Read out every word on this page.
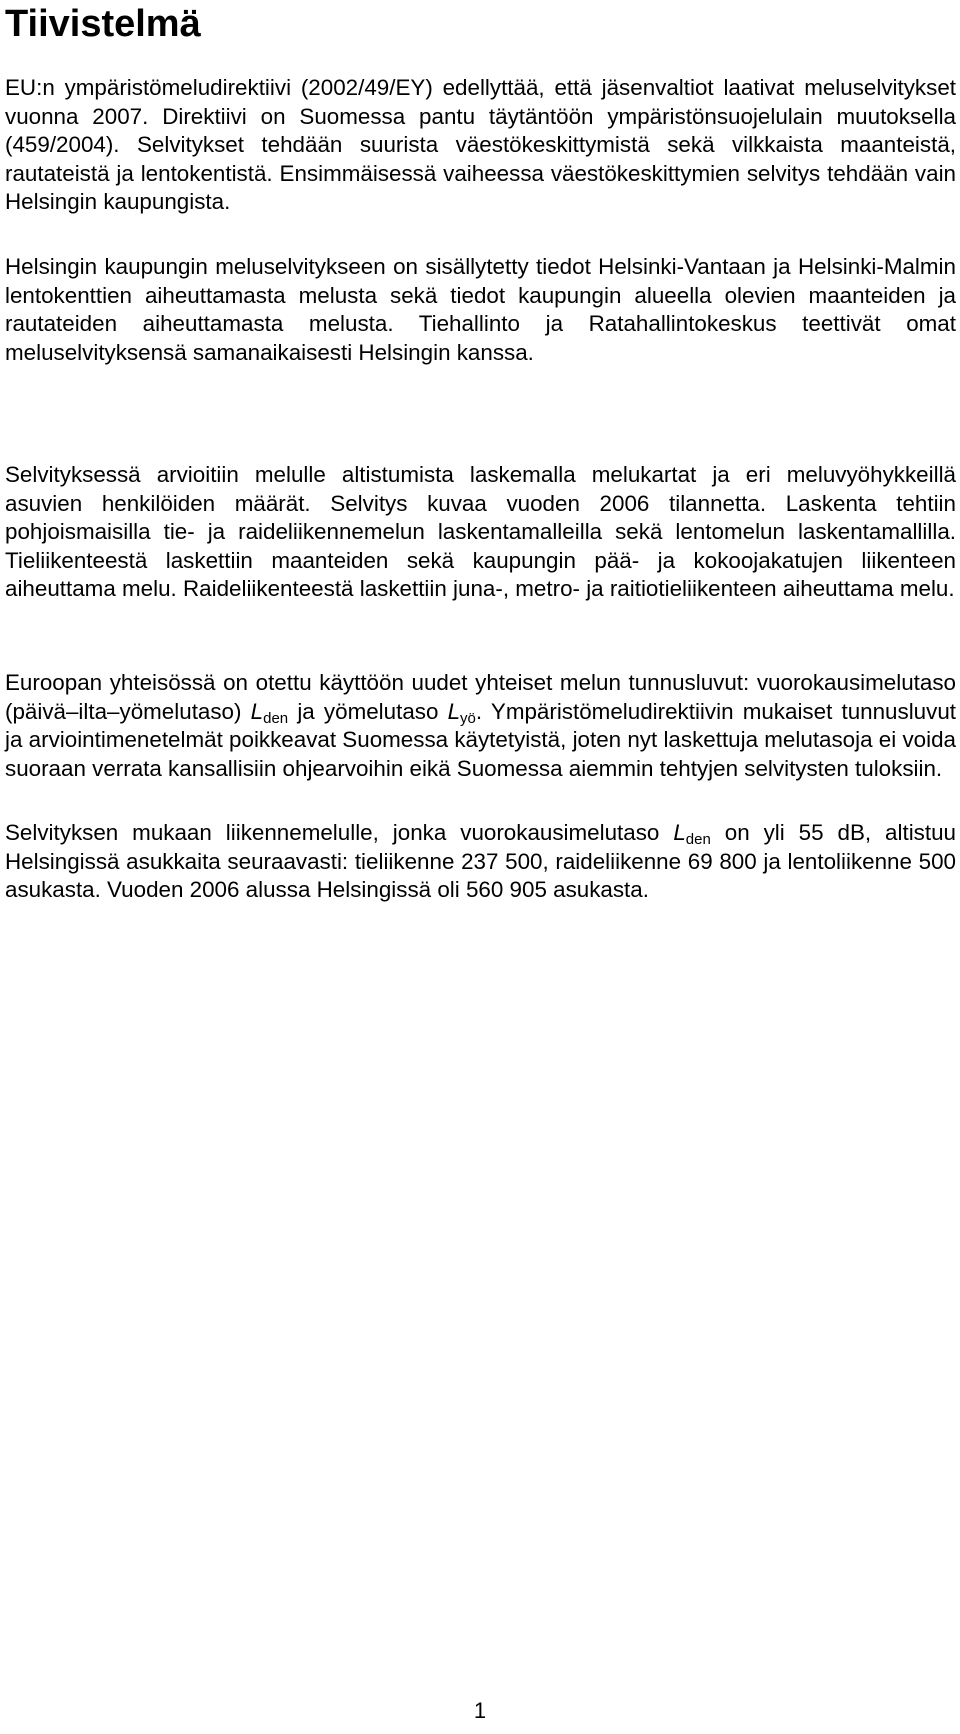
Tiivistelmä

EU:n ympäristömeludirektiivi (2002/49/EY) edellyttää, että jäsenvaltiot laativat meluselvitykset vuonna 2007. Direktiivi on Suomessa pantu täytäntöön ympäristönsuojelulain muutoksella (459/2004). Selvitykset tehdään suurista väestökeskittymistä sekä vilkkaista maanteistä, rautateistä ja lentokentistä. Ensimmäisessä vaiheessa väestökeskittymien selvitys tehdään vain Helsingin kaupungista.

Helsingin kaupungin meluselvitykseen on sisällytetty tiedot Helsinki-Vantaan ja Helsinki-Malmin lentokenttien aiheuttamasta melusta sekä tiedot kaupungin alueella olevien maanteiden ja rautateiden aiheuttamasta melusta. Tiehallinto ja Ratahallintokeskus teettivät omat meluselvityksensä samanaikaisesti Helsingin kanssa.

Selvityksessä arvioitiin melulle altistumista laskemalla melukartat ja eri meluvyöhykkeillä asuvien henkilöiden määrät. Selvitys kuvaa vuoden 2006 tilannetta. Laskenta tehtiin pohjoismaisilla tie- ja raideliikennemelun laskentamalleilla sekä lentomelun laskentamallilla. Tieliikenteestä laskettiin maanteiden sekä kaupungin pää- ja kokoojakatujen liikenteen aiheuttama melu. Raideliikenteestä laskettiin juna-, metro- ja raitiotieliikenteen aiheuttama melu.

Euroopan yhteisössä on otettu käyttöön uudet yhteiset melun tunnusluvut: vuorokausimelutaso (päivä–ilta–yömelutaso) $L_{den}$ ja yömelutaso $L_{yö}$. Ympäristömeludirektiivin mukaiset tunnusluvut ja arviointimenetelmät poikkeavat Suomessa käytetyistä, joten nyt laskettuja melutasoja ei voida suoraan verrata kansallisiin ohjearvoihin eikä Suomessa aiemmin tehtyjen selvitysten tuloksiin.

Selvityksen mukaan liikennemelulle, jonka vuorokausimelutaso $L_{den}$ on yli 55 dB, altistuu Helsingissä asukkaita seuraavasti: tieliikenne 237 500, raideliikenne 69 800 ja lentoliikenne 500 asukasta. Vuoden 2006 alussa Helsingissä oli 560 905 asukasta.

1
